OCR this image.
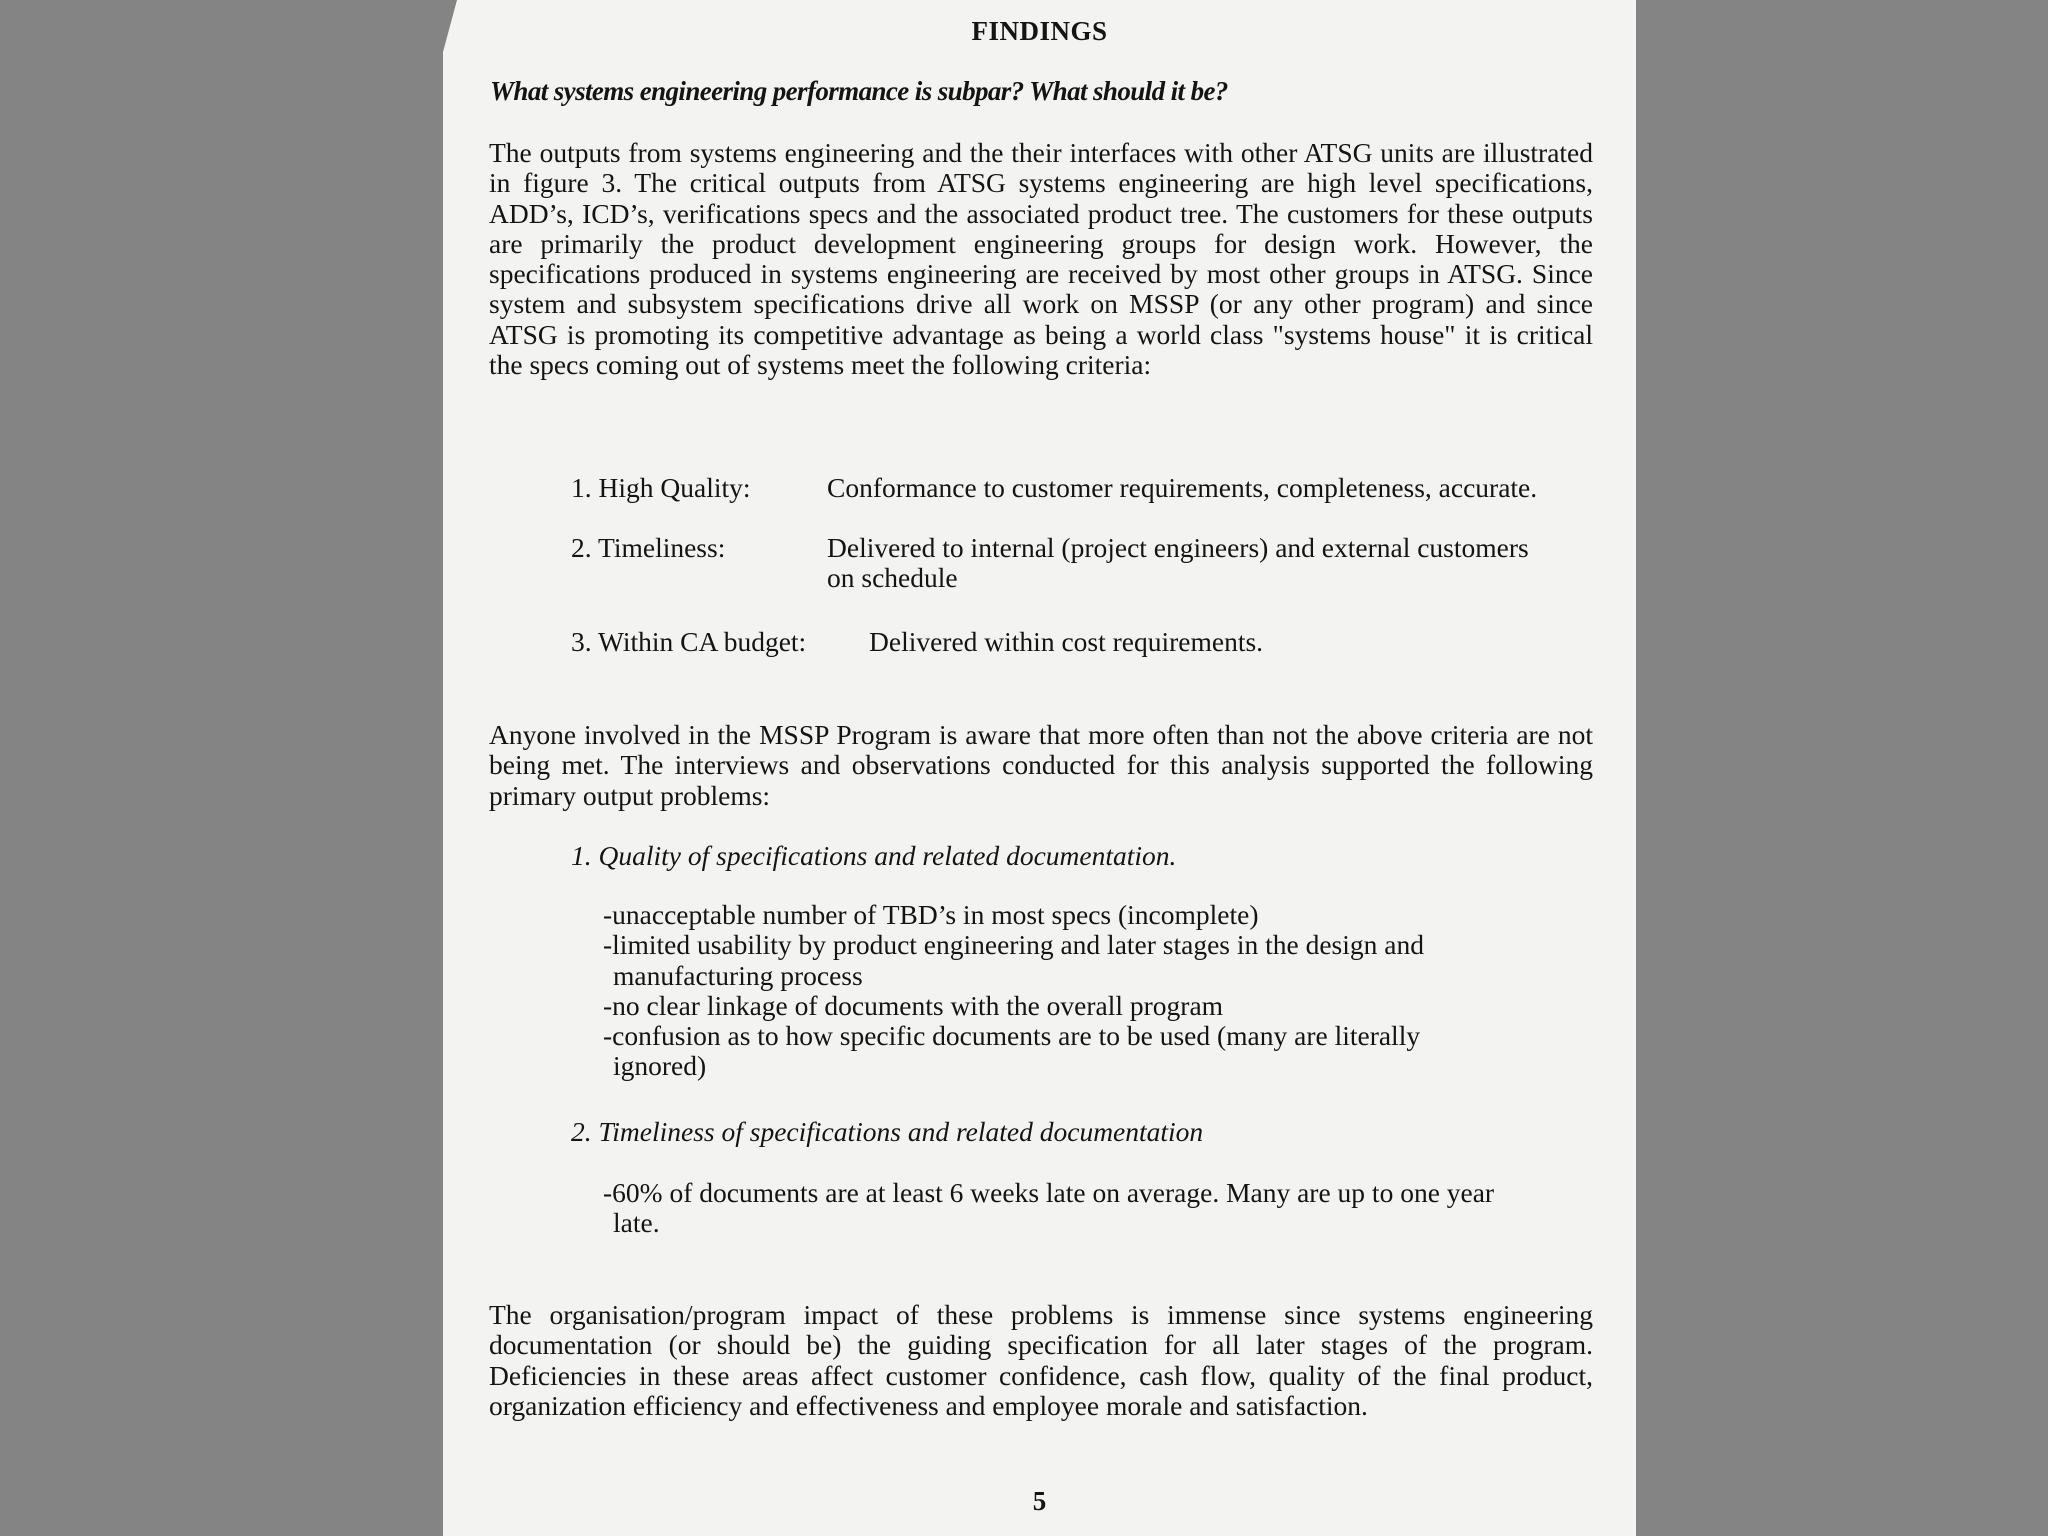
FINDINGS
What systems engineering performance is subpar? What should it be?

The outputs from systems engineering and the their interfaces with other ATSG units are illustrated in figure 3. The critical outputs from ATSG systems engineering are high level specifications, ADD’s, ICD’s, verifications specs and the associated product tree. The customers for these outputs are primarily the product development engineering groups for design work. However, the specifications produced in systems engineering are received by most other groups in ATSG. Since system and subsystem specifications drive all work on MSSP (or any other program) and since ATSG is promoting its competitive advantage as being a world class "systems house" it is critical the specs coming out of systems meet the following criteria:

1. High Quality:	Conformance to customer requirements, completeness, accurate.
2. Timeliness:	Delivered to internal (project engineers) and external customers
on schedule
3. Within CA budget: Delivered within cost requirements.

Anyone involved in the MSSP Program is aware that more often than not the above criteria are not being met. The interviews and observations conducted for this analysis supported the following primary output problems:

1. Quality of specifications and related documentation.
-unacceptable number of TBD’s in most specs (incomplete)
-limited usability by product engineering and later stages in the design and
manufacturing process
-no clear linkage of documents with the overall program
-confusion as to how specific documents are to be used (many are literally
ignored)
2. Timeliness of specifications and related documentation
-60% of documents are at least 6 weeks late on average. Many are up to one year
late.

The organisation/program impact of these problems is immense since systems engineering documentation (or should be) the guiding specification for all later stages of the program. Deficiencies in these areas affect customer confidence, cash flow, quality of the final product, organization efficiency and effectiveness and employee morale and satisfaction.

5
